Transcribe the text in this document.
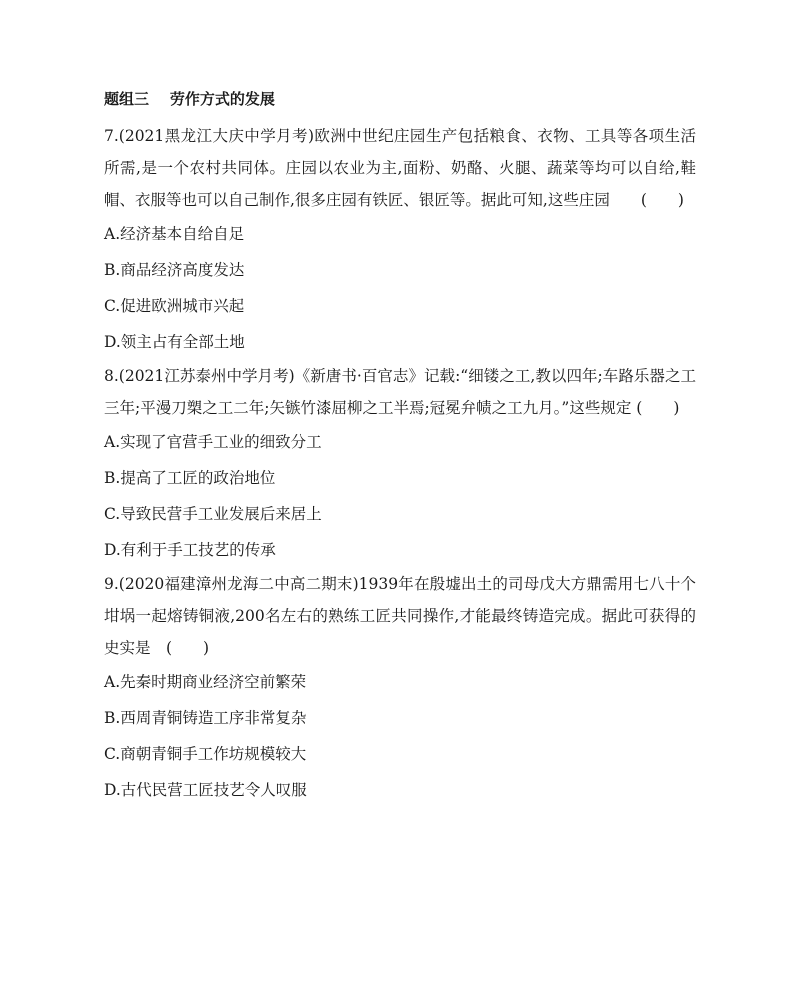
题组三    劳作方式的发展

7.(2021黑龙江大庆中学月考)欧洲中世纪庄园生产包括粮食、衣物、工具等各项生活所需,是一个农村共同体。庄园以农业为主,面粉、奶酪、火腿、蔬菜等均可以自给,鞋帽、衣服等也可以自己制作,很多庄园有铁匠、银匠等。据此可知,这些庄园　　(　　)

A.经济基本自给自足

B.商品经济高度发达

C.促进欧洲城市兴起

D.领主占有全部土地

8.(2021江苏泰州中学月考)《新唐书·百官志》记载:“细镂之工,教以四年;车路乐器之工三年;平漫刀槊之工二年;矢镞竹漆屈柳之工半焉;冠冕弁帻之工九月。”这些规定 (　　)

A.实现了官营手工业的细致分工

B.提高了工匠的政治地位

C.导致民营手工业发展后来居上

D.有利于手工技艺的传承

9.(2020福建漳州龙海二中高二期末)1939年在殷墟出土的司母戊大方鼎需用七八十个坩埚一起熔铸铜液,200名左右的熟练工匠共同操作,才能最终铸造完成。据此可获得的史实是　(　　)

A.先秦时期商业经济空前繁荣

B.西周青铜铸造工序非常复杂

C.商朝青铜手工作坊规模较大

D.古代民营工匠技艺令人叹服
